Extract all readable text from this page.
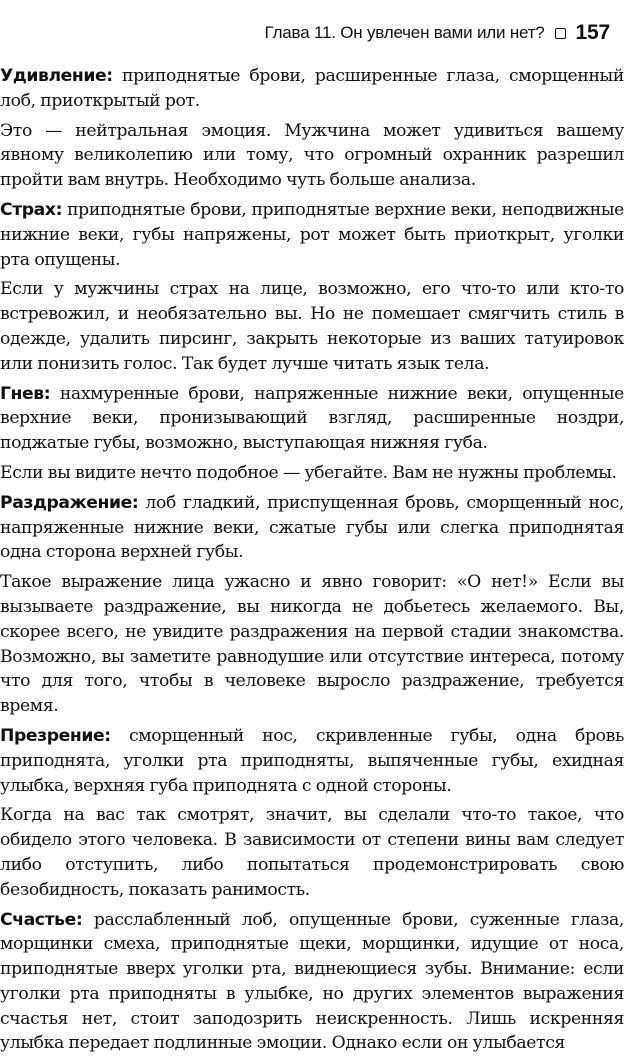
Глава 11. Он увлечен вами или нет? 157

Удивление: приподнятые брови, расширенные глаза, сморщенный лоб, приоткрытый рот.

Это — нейтральная эмоция. Мужчина может удивиться вашему явному великолепию или тому, что огромный охранник разрешил пройти вам внутрь. Необходимо чуть больше анализа.

Страх: приподнятые брови, приподнятые верхние веки, неподвижные нижние веки, губы напряжены, рот может быть приоткрыт, уголки рта опущены.

Если у мужчины страх на лице, возможно, его что-то или кто-то встревожил, и необязательно вы. Но не помешает смягчить стиль в одежде, удалить пирсинг, закрыть некоторые из ваших татуировок или понизить голос. Так будет лучше читать язык тела.

Гнев: нахмуренные брови, напряженные нижние веки, опущенные верхние веки, пронизывающий взгляд, расширенные ноздри, поджатые губы, возможно, выступающая нижняя губа.

Если вы видите нечто подобное — убегайте. Вам не нужны проблемы.

Раздражение: лоб гладкий, приспущенная бровь, сморщенный нос, напряженные нижние веки, сжатые губы или слегка приподнятая одна сторона верхней губы.

Такое выражение лица ужасно и явно говорит: «О нет!» Если вы вызываете раздражение, вы никогда не добьетесь желаемого. Вы, скорее всего, не увидите раздражения на первой стадии знакомства. Возможно, вы заметите равнодушие или отсутствие интереса, потому что для того, чтобы в человеке выросло раздражение, требуется время.

Презрение: сморщенный нос, скривленные губы, одна бровь приподнята, уголки рта приподняты, выпяченные губы, ехидная улыбка, верхняя губа приподнята с одной стороны.

Когда на вас так смотрят, значит, вы сделали что-то такое, что обидело этого человека. В зависимости от степени вины вам следует либо отступить, либо попытаться продемонстрировать свою безобидность, показать ранимость.

Счастье: расслабленный лоб, опущенные брови, суженные глаза, морщинки смеха, приподнятые щеки, морщинки, идущие от носа, приподнятые вверх уголки рта, виднеющиеся зубы. Внимание: если уголки рта приподняты в улыбке, но других элементов выражения счастья нет, стоит заподозрить неискренность. Лишь искренняя улыбка передает подлинные эмоции. Однако если он улыбается
